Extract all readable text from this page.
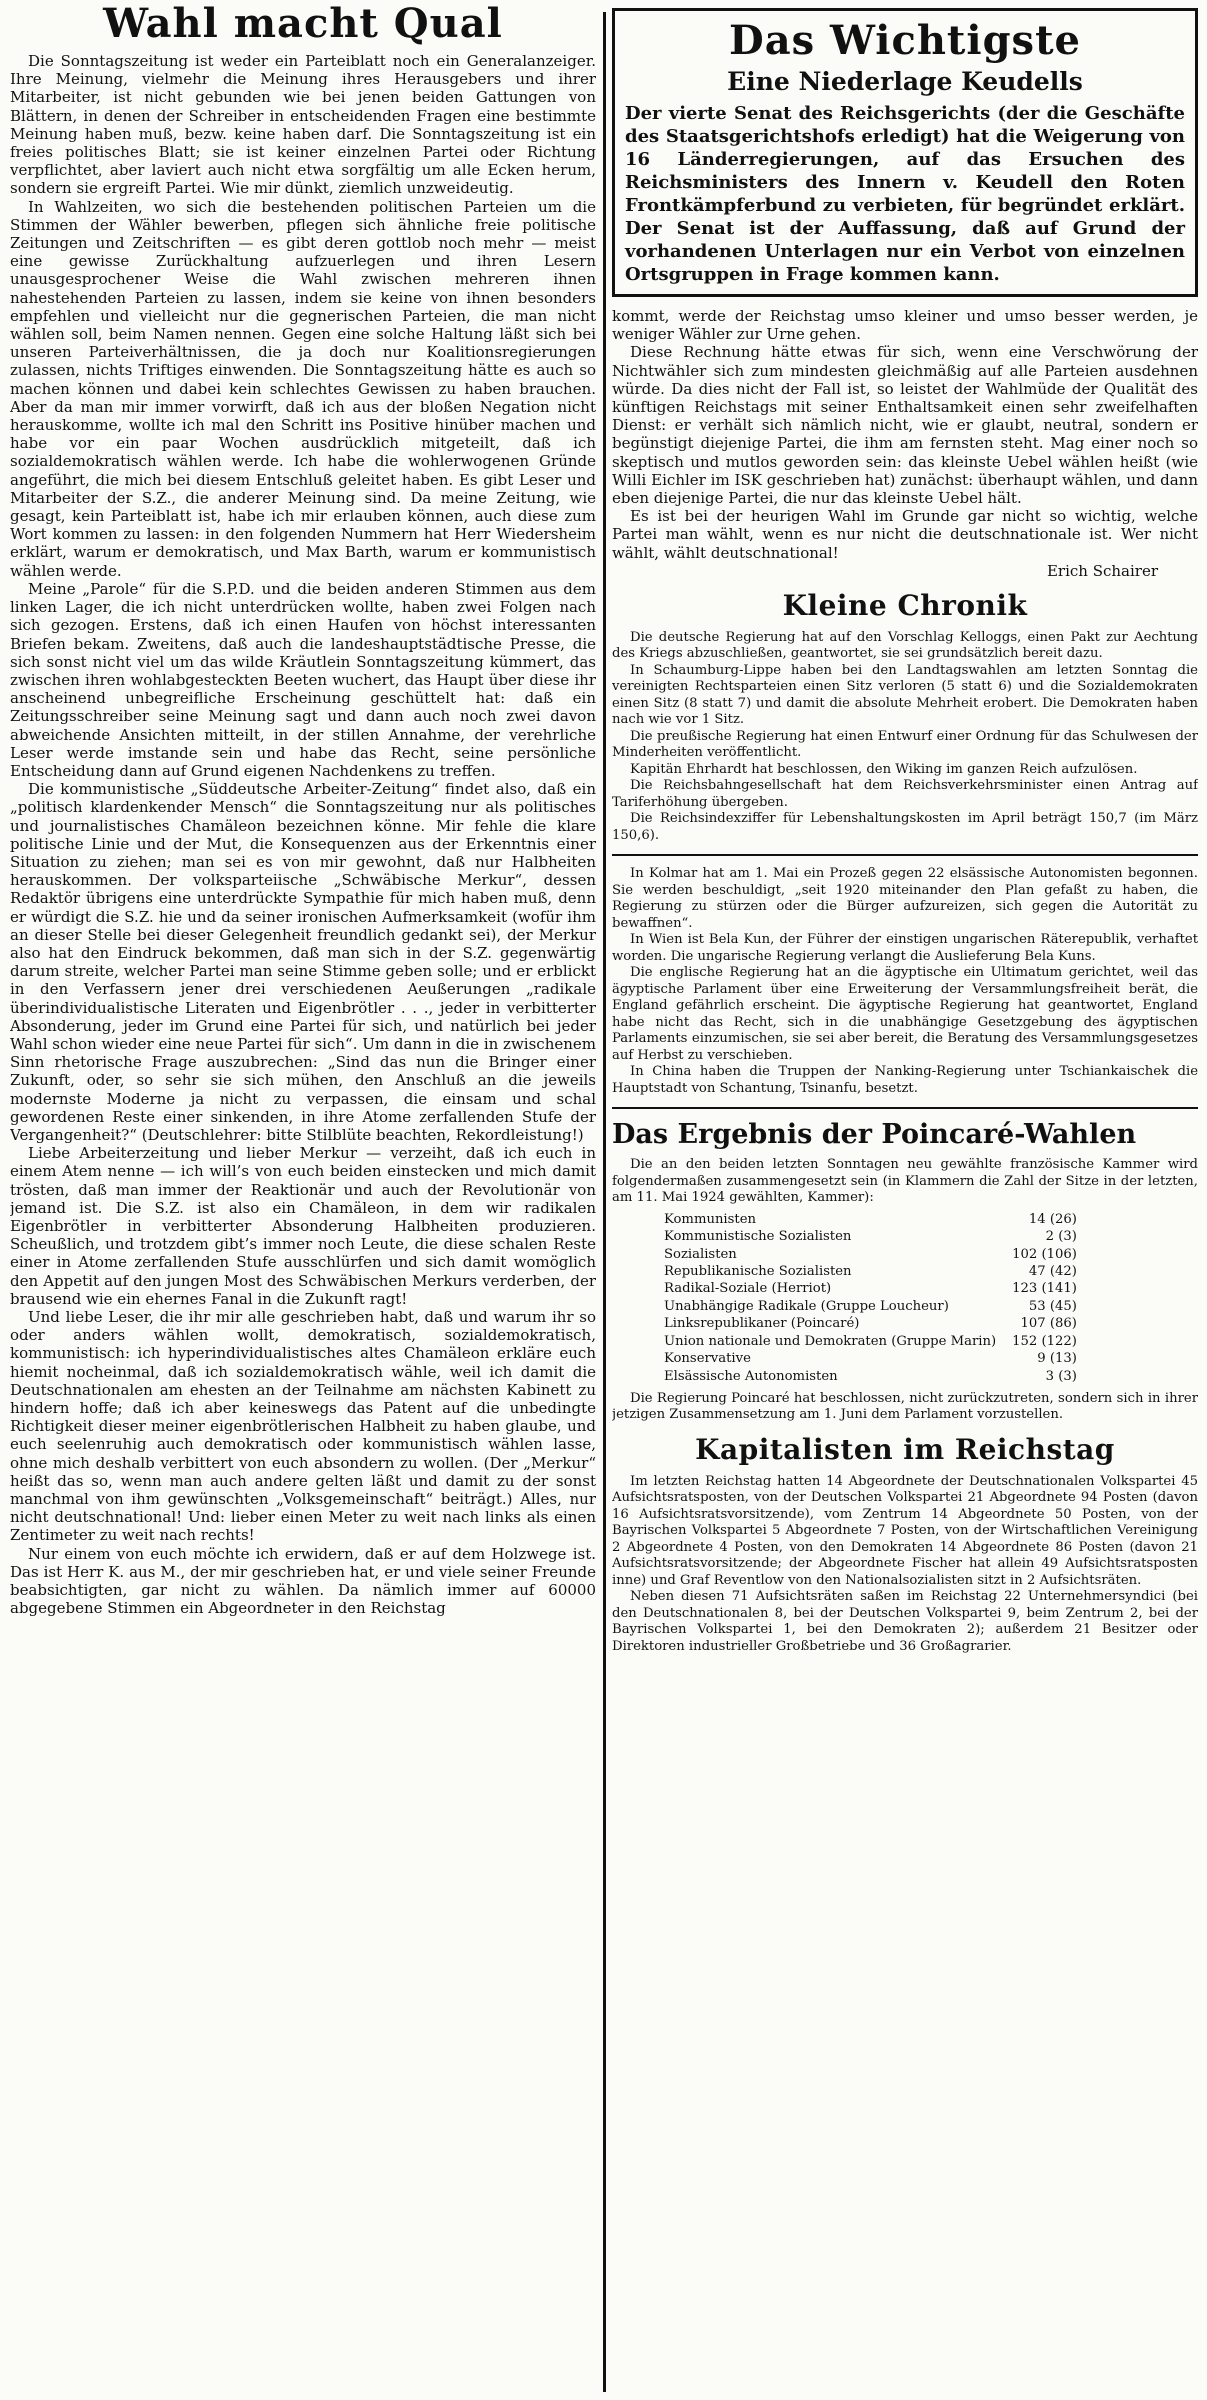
Wahl macht Qual

Die Sonntagszeitung ist weder ein Parteiblatt noch ein Generalanzeiger. Ihre Meinung, vielmehr die Meinung ihres Herausgebers und ihrer Mitarbeiter, ist nicht gebunden wie bei jenen beiden Gattungen von Blättern, in denen der Schreiber in entscheidenden Fragen eine bestimmte Meinung haben muß, bezw. keine haben darf. Die Sonntagszeitung ist ein freies politisches Blatt; sie ist keiner einzelnen Partei oder Richtung verpflichtet, aber laviert auch nicht etwa sorgfältig um alle Ecken herum, sondern sie ergreift Partei. Wie mir dünkt, ziemlich unzweideutig.

In Wahlzeiten, wo sich die bestehenden politischen Parteien um die Stimmen der Wähler bewerben, pflegen sich ähnliche freie politische Zeitungen und Zeitschriften — es gibt deren gottlob noch mehr — meist eine gewisse Zurückhaltung aufzuerlegen und ihren Lesern unausgesprochener Weise die Wahl zwischen mehreren ihnen nahestehenden Parteien zu lassen, indem sie keine von ihnen besonders empfehlen und vielleicht nur die gegnerischen Parteien, die man nicht wählen soll, beim Namen nennen. Gegen eine solche Haltung läßt sich bei unseren Parteiverhältnissen, die ja doch nur Koalitionsregierungen zulassen, nichts Triftiges einwenden. Die Sonntagszeitung hätte es auch so machen können und dabei kein schlechtes Gewissen zu haben brauchen. Aber da man mir immer vorwirft, daß ich aus der bloßen Negation nicht herauskomme, wollte ich mal den Schritt ins Positive hinüber machen und habe vor ein paar Wochen ausdrücklich mitgeteilt, daß ich sozialdemokratisch wählen werde. Ich habe die wohlerwogenen Gründe angeführt, die mich bei diesem Entschluß geleitet haben. Es gibt Leser und Mitarbeiter der S.Z., die anderer Meinung sind. Da meine Zeitung, wie gesagt, kein Parteiblatt ist, habe ich mir erlauben können, auch diese zum Wort kommen zu lassen: in den folgenden Nummern hat Herr Wiedersheim erklärt, warum er demokratisch, und Max Barth, warum er kommunistisch wählen werde.

Meine „Parole“ für die S.P.D. und die beiden anderen Stimmen aus dem linken Lager, die ich nicht unterdrücken wollte, haben zwei Folgen nach sich gezogen. Erstens, daß ich einen Haufen von höchst interessanten Briefen bekam. Zweitens, daß auch die landeshauptstädtische Presse, die sich sonst nicht viel um das wilde Kräutlein Sonntagszeitung kümmert, das zwischen ihren wohlabgesteckten Beeten wuchert, das Haupt über diese ihr anscheinend unbegreifliche Erscheinung geschüttelt hat: daß ein Zeitungsschreiber seine Meinung sagt und dann auch noch zwei davon abweichende Ansichten mitteilt, in der stillen Annahme, der verehrliche Leser werde imstande sein und habe das Recht, seine persönliche Entscheidung dann auf Grund eigenen Nachdenkens zu treffen.

Die kommunistische „Süddeutsche Arbeiter-Zeitung“ findet also, daß ein „politisch klardenkender Mensch“ die Sonntagszeitung nur als politisches und journalistisches Chamäleon bezeichnen könne. Mir fehle die klare politische Linie und der Mut, die Konsequenzen aus der Erkenntnis einer Situation zu ziehen; man sei es von mir gewohnt, daß nur Halbheiten herauskommen. Der volksparteiische „Schwäbische Merkur“, dessen Redaktör übrigens eine unterdrückte Sympathie für mich haben muß, denn er würdigt die S.Z. hie und da seiner ironischen Aufmerksamkeit (wofür ihm an dieser Stelle bei dieser Gelegenheit freundlich gedankt sei), der Merkur also hat den Eindruck bekommen, daß man sich in der S.Z. gegenwärtig darum streite, welcher Partei man seine Stimme geben solle; und er erblickt in den Verfassern jener drei verschiedenen Aeußerungen „radikale überindividualistische Literaten und Eigenbrötler . . ., jeder in verbitterter Absonderung, jeder im Grund eine Partei für sich, und natürlich bei jeder Wahl schon wieder eine neue Partei für sich“. Um dann in die in zwischenem Sinn rhetorische Frage auszubrechen: „Sind das nun die Bringer einer Zukunft, oder, so sehr sie sich mühen, den Anschluß an die jeweils modernste Moderne ja nicht zu verpassen, die einsam und schal gewordenen Reste einer sinkenden, in ihre Atome zerfallenden Stufe der Vergangenheit?“ (Deutschlehrer: bitte Stilblüte beachten, Rekordleistung!)

Liebe Arbeiterzeitung und lieber Merkur — verzeiht, daß ich euch in einem Atem nenne — ich will’s von euch beiden einstecken und mich damit trösten, daß man immer der Reaktionär und auch der Revolutionär von jemand ist. Die S.Z. ist also ein Chamäleon, in dem wir radikalen Eigenbrötler in verbitterter Absonderung Halbheiten produzieren. Scheußlich, und trotzdem gibt’s immer noch Leute, die diese schalen Reste einer in Atome zerfallenden Stufe ausschlürfen und sich damit womöglich den Appetit auf den jungen Most des Schwäbischen Merkurs verderben, der brausend wie ein ehernes Fanal in die Zukunft ragt!

Und liebe Leser, die ihr mir alle geschrieben habt, daß und warum ihr so oder anders wählen wollt, demokratisch, sozialdemokratisch, kommunistisch: ich hyperindividualistisches altes Chamäleon erkläre euch hiemit nocheinmal, daß ich sozialdemokratisch wähle, weil ich damit die Deutschnationalen am ehesten an der Teilnahme am nächsten Kabinett zu hindern hoffe; daß ich aber keineswegs das Patent auf die unbedingte Richtigkeit dieser meiner eigenbrötlerischen Halbheit zu haben glaube, und euch seelenruhig auch demokratisch oder kommunistisch wählen lasse, ohne mich deshalb verbittert von euch absondern zu wollen. (Der „Merkur“ heißt das so, wenn man auch andere gelten läßt und damit zu der sonst manchmal von ihm gewünschten „Volksgemeinschaft“ beiträgt.) Alles, nur nicht deutschnational! Und: lieber einen Meter zu weit nach links als einen Zentimeter zu weit nach rechts!

Nur einem von euch möchte ich erwidern, daß er auf dem Holzwege ist. Das ist Herr K. aus M., der mir geschrieben hat, er und viele seiner Freunde beabsichtigten, gar nicht zu wählen. Da nämlich immer auf 60000 abgegebene Stimmen ein Abgeordneter in den Reichstag

Das Wichtigste
Eine Niederlage Keudells

Der vierte Senat des Reichsgerichts (der die Geschäfte des Staatsgerichtshofs erledigt) hat die Weigerung von 16 Länderregierungen, auf das Ersuchen des Reichsministers des Innern v. Keudell den Roten Frontkämpferbund zu verbieten, für begründet erklärt. Der Senat ist der Auffassung, daß auf Grund der vorhandenen Unterlagen nur ein Verbot von einzelnen Ortsgruppen in Frage kommen kann.

kommt, werde der Reichstag umso kleiner und umso besser werden, je weniger Wähler zur Urne gehen.

Diese Rechnung hätte etwas für sich, wenn eine Verschwörung der Nichtwähler sich zum mindesten gleichmäßig auf alle Parteien ausdehnen würde. Da dies nicht der Fall ist, so leistet der Wahlmüde der Qualität des künftigen Reichstags mit seiner Enthaltsamkeit einen sehr zweifelhaften Dienst: er verhält sich nämlich nicht, wie er glaubt, neutral, sondern er begünstigt diejenige Partei, die ihm am fernsten steht. Mag einer noch so skeptisch und mutlos geworden sein: das kleinste Uebel wählen heißt (wie Willi Eichler im ISK geschrieben hat) zunächst: überhaupt wählen, und dann eben diejenige Partei, die nur das kleinste Uebel hält.

Es ist bei der heurigen Wahl im Grunde gar nicht so wichtig, welche Partei man wählt, wenn es nur nicht die deutschnationale ist. Wer nicht wählt, wählt deutschnational!

Erich Schairer

Kleine Chronik

Die deutsche Regierung hat auf den Vorschlag Kelloggs, einen Pakt zur Aechtung des Kriegs abzuschließen, geantwortet, sie sei grundsätzlich bereit dazu.

In Schaumburg-Lippe haben bei den Landtagswahlen am letzten Sonntag die vereinigten Rechtsparteien einen Sitz verloren (5 statt 6) und die Sozialdemokraten einen Sitz (8 statt 7) und damit die absolute Mehrheit erobert. Die Demokraten haben nach wie vor 1 Sitz.

Die preußische Regierung hat einen Entwurf einer Ordnung für das Schulwesen der Minderheiten veröffentlicht.

Kapitän Ehrhardt hat beschlossen, den Wiking im ganzen Reich aufzulösen.

Die Reichsbahngesellschaft hat dem Reichsverkehrsminister einen Antrag auf Tariferhöhung übergeben.

Die Reichsindexziffer für Lebenshaltungskosten im April beträgt 150,7 (im März 150,6).

In Kolmar hat am 1. Mai ein Prozeß gegen 22 elsässische Autonomisten begonnen. Sie werden beschuldigt, „seit 1920 miteinander den Plan gefaßt zu haben, die Regierung zu stürzen oder die Bürger aufzureizen, sich gegen die Autorität zu bewaffnen“.

In Wien ist Bela Kun, der Führer der einstigen ungarischen Räterepublik, verhaftet worden. Die ungarische Regierung verlangt die Auslieferung Bela Kuns.

Die englische Regierung hat an die ägyptische ein Ultimatum gerichtet, weil das ägyptische Parlament über eine Erweiterung der Versammlungsfreiheit berät, die England gefährlich erscheint. Die ägyptische Regierung hat geantwortet, England habe nicht das Recht, sich in die unabhängige Gesetzgebung des ägyptischen Parlaments einzumischen, sie sei aber bereit, die Beratung des Versammlungsgesetzes auf Herbst zu verschieben.

In China haben die Truppen der Nanking-Regierung unter Tschiankaischek die Hauptstadt von Schantung, Tsinanfu, besetzt.

Das Ergebnis der Poincaré-Wahlen

Die an den beiden letzten Sonntagen neu gewählte französische Kammer wird folgendermaßen zusammengesetzt sein (in Klammern die Zahl der Sitze in der letzten, am 11. Mai 1924 gewählten, Kammer):

Kommunisten	14 (26)
Kommunistische Sozialisten	2 (3)
Sozialisten	102 (106)
Republikanische Sozialisten	47 (42)
Radikal-Soziale (Herriot)	123 (141)
Unabhängige Radikale (Gruppe Loucheur)	53 (45)
Linksrepublikaner (Poincaré)	107 (86)
Union nationale und Demokraten (Gruppe Marin)	152 (122)
Konservative	9 (13)
Elsässische Autonomisten	3 (3)

Die Regierung Poincaré hat beschlossen, nicht zurückzutreten, sondern sich in ihrer jetzigen Zusammensetzung am 1. Juni dem Parlament vorzustellen.

Kapitalisten im Reichstag

Im letzten Reichstag hatten 14 Abgeordnete der Deutschnationalen Volkspartei 45 Aufsichtsratsposten, von der Deutschen Volkspartei 21 Abgeordnete 94 Posten (davon 16 Aufsichtsratsvorsitzende), vom Zentrum 14 Abgeordnete 50 Posten, von der Bayrischen Volkspartei 5 Abgeordnete 7 Posten, von der Wirtschaftlichen Vereinigung 2 Abgeordnete 4 Posten, von den Demokraten 14 Abgeordnete 86 Posten (davon 21 Aufsichtsratsvorsitzende; der Abgeordnete Fischer hat allein 49 Aufsichtsratsposten inne) und Graf Reventlow von den Nationalsozialisten sitzt in 2 Aufsichtsräten.

Neben diesen 71 Aufsichtsräten saßen im Reichstag 22 Unternehmersyndici (bei den Deutschnationalen 8, bei der Deutschen Volkspartei 9, beim Zentrum 2, bei der Bayrischen Volkspartei 1, bei den Demokraten 2); außerdem 21 Besitzer oder Direktoren industrieller Großbetriebe und 36 Großagrarier.
